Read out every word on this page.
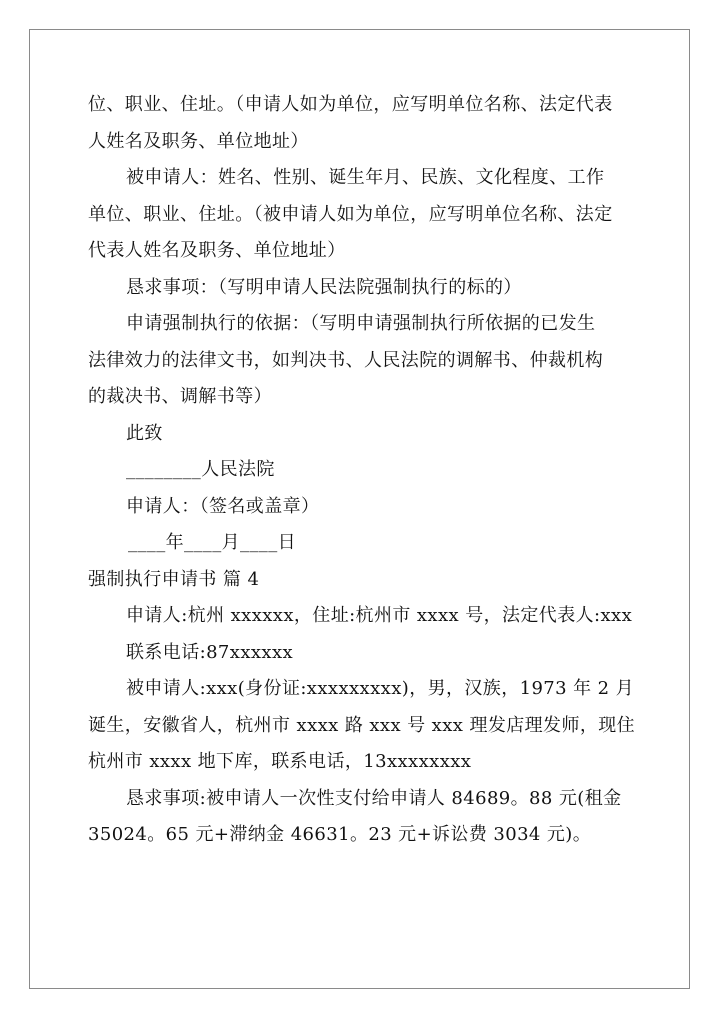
位、职业、住址。（申请人如为单位，应写明单位名称、法定代表
人姓名及职务、单位地址）
被申请人：姓名、性别、诞生年月、民族、文化程度、工作
单位、职业、住址。（被申请人如为单位，应写明单位名称、法定
代表人姓名及职务、单位地址）
恳求事项：（写明申请人民法院强制执行的标的）
申请强制执行的依据：（写明申请强制执行所依据的已发生
法律效力的法律文书，如判决书、人民法院的调解书、仲裁机构
的裁决书、调解书等）
此致
________人民法院
申请人：（签名或盖章）
____年____月____日
强制执行申请书 篇 4
申请人:杭州 xxxxxx，住址:杭州市 xxxx 号，法定代表人:xxx
联系电话:87xxxxxx
被申请人:xxx(身份证:xxxxxxxxx)，男，汉族，1973 年 2 月
诞生，安徽省人，杭州市 xxxx 路 xxx 号 xxx 理发店理发师，现住
杭州市 xxxx 地下库，联系电话，13xxxxxxxx
恳求事项:被申请人一次性支付给申请人 84689。88 元(租金
35024。65 元+滞纳金 46631。23 元+诉讼费 3034 元)。
